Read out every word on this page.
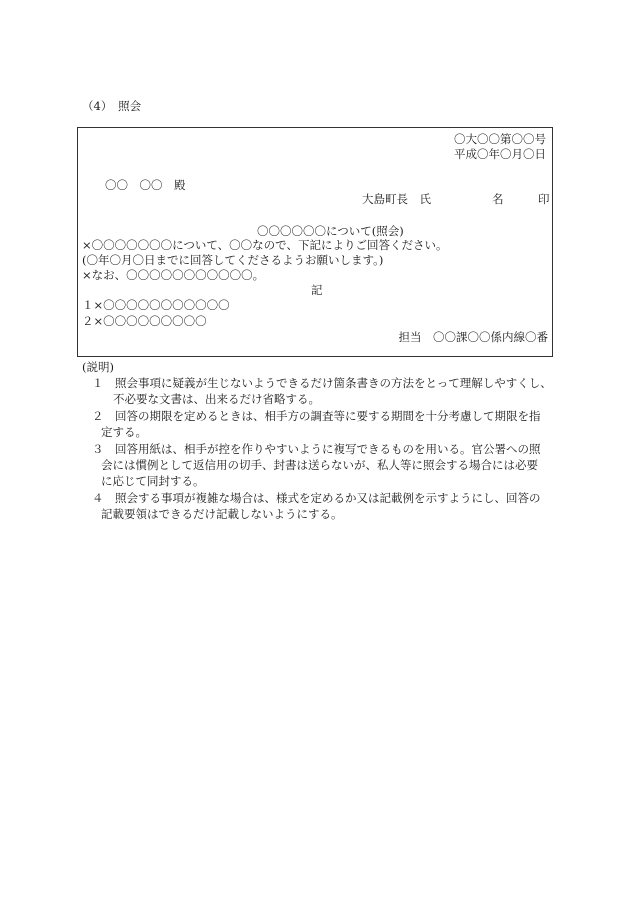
（4）　照会
〇大〇〇第〇〇号
平成〇年〇月〇日
〇〇　〇〇　殿
大島町長　氏	名	印
〇〇〇〇〇〇について(照会)
×〇〇〇〇〇〇〇について、〇〇なので、下記によりご回答ください。
(〇年〇月〇日までに回答してくださるようお願いします。)
×なお、〇〇〇〇〇〇〇〇〇〇〇。
記
１×〇〇〇〇〇〇〇〇〇〇〇
２×〇〇〇〇〇〇〇〇〇
担当　〇〇課〇〇係内線〇番
(説明)
１　照会事項に疑義が生じないようできるだけ箇条書きの方法をとって理解しやすくし、
不必要な文書は、出来るだけ省略する。
２　回答の期限を定めるときは、相手方の調査等に要する期間を十分考慮して期限を指
定する。
３　回答用紙は、相手が控を作りやすいように複写できるものを用いる。官公署への照
会には慣例として返信用の切手、封書は送らないが、私人等に照会する場合には必要
に応じて同封する。
４　照会する事項が複雑な場合は、様式を定めるか又は記載例を示すようにし、回答の
記載要領はできるだけ記載しないようにする。
